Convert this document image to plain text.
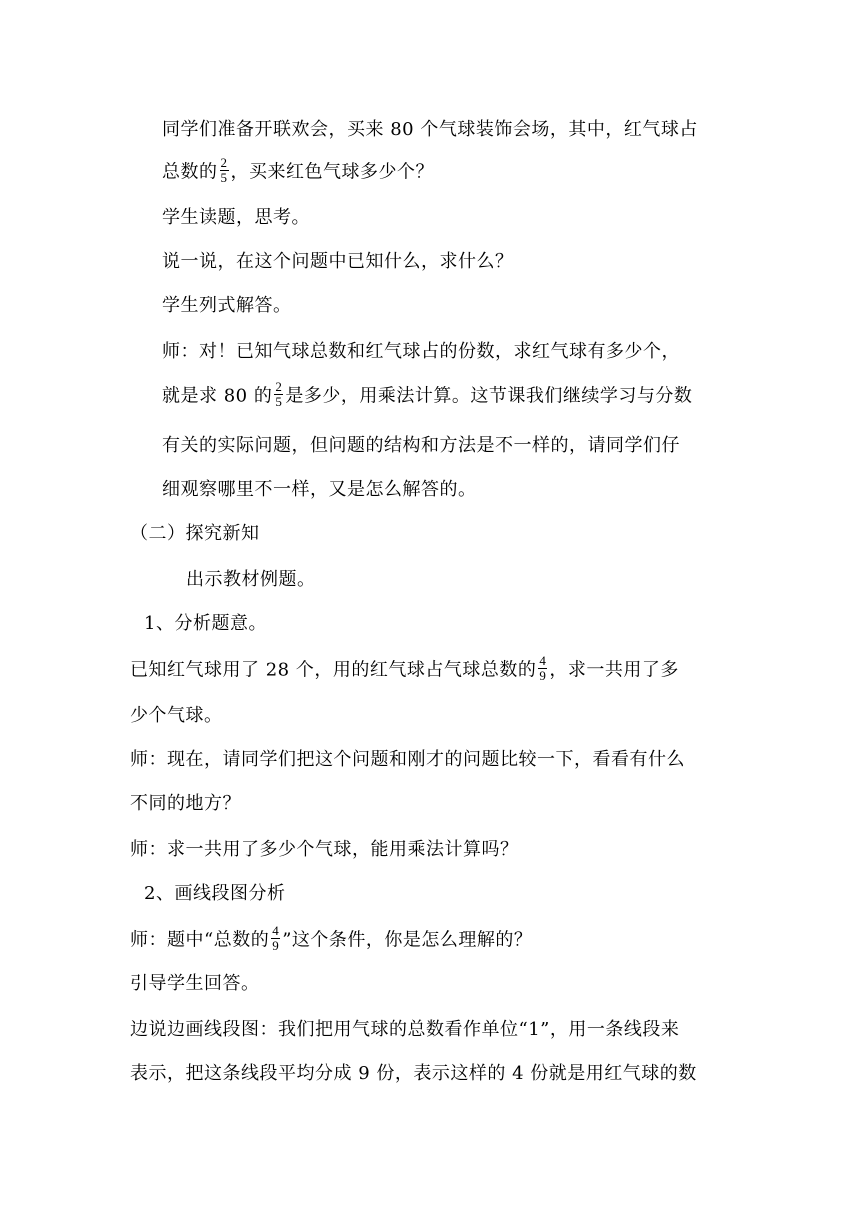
同学们准备开联欢会，买来 80 个气球装饰会场，其中，红气球占
总数的 $\frac{2}{5}$ ，买来红色气球多少个？
学生读题，思考。
说一说，在这个问题中已知什么，求什么？
学生列式解答。
师：对！已知气球总数和红气球占的份数，求红气球有多少个，
就是求 80 的 $\frac{2}{5}$ 是多少，用乘法计算。这节课我们继续学习与分数
有关的实际问题，但问题的结构和方法是不一样的，请同学们仔
细观察哪里不一样，又是怎么解答的。
（二）探究新知
出示教材例题。
1、分析题意。
已知红气球用了 28 个，用的红气球占气球总数的 $\frac{4}{9}$ ，求一共用了多
少个气球。
师：现在，请同学们把这个问题和刚才的问题比较一下，看看有什么
不同的地方？
师：求一共用了多少个气球，能用乘法计算吗？
2、画线段图分析
师：题中“总数的 $\frac{4}{9}$ ”这个条件，你是怎么理解的？
引导学生回答。
边说边画线段图：我们把用气球的总数看作单位“1”，用一条线段来
表示，把这条线段平均分成 9 份，表示这样的 4 份就是用红气球的数
